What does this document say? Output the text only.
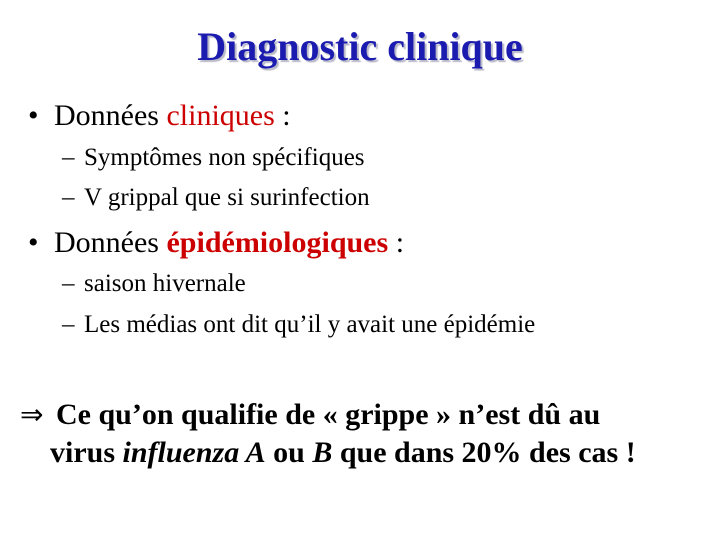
Diagnostic clinique
• Données cliniques :
– Symptômes non spécifiques
– V grippal que si surinfection
• Données épidémiologiques :
– saison hivernale
– Les médias ont dit qu’il y avait une épidémie
⇒ Ce qu’on qualifie de « grippe » n’est dû au
virus influenza A ou B que dans 20% des cas !
